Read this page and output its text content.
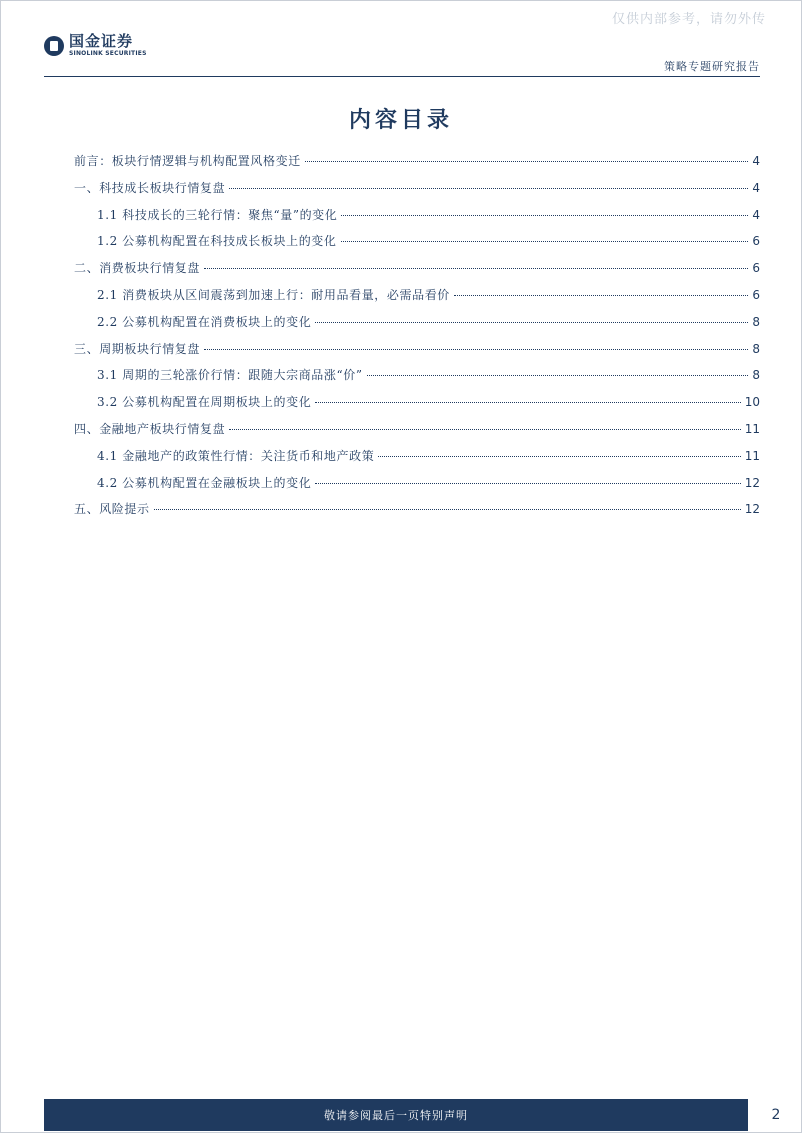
仅供内部参考，请勿外传
国金证券
SINOLINK SECURITIES
策略专题研究报告
内容目录
前言：板块行情逻辑与机构配置风格变迁	4
一、科技成长板块行情复盘	4
1.1 科技成长的三轮行情：聚焦“量”的变化	4
1.2 公募机构配置在科技成长板块上的变化	6
二、消费板块行情复盘	6
2.1 消费板块从区间震荡到加速上行：耐用品看量，必需品看价	6
2.2 公募机构配置在消费板块上的变化	8
三、周期板块行情复盘	8
3.1 周期的三轮涨价行情：跟随大宗商品涨“价”	8
3.2 公募机构配置在周期板块上的变化	10
四、金融地产板块行情复盘	11
4.1 金融地产的政策性行情：关注货币和地产政策	11
4.2 公募机构配置在金融板块上的变化	12
五、风险提示	12
敬请参阅最后一页特别声明	2
